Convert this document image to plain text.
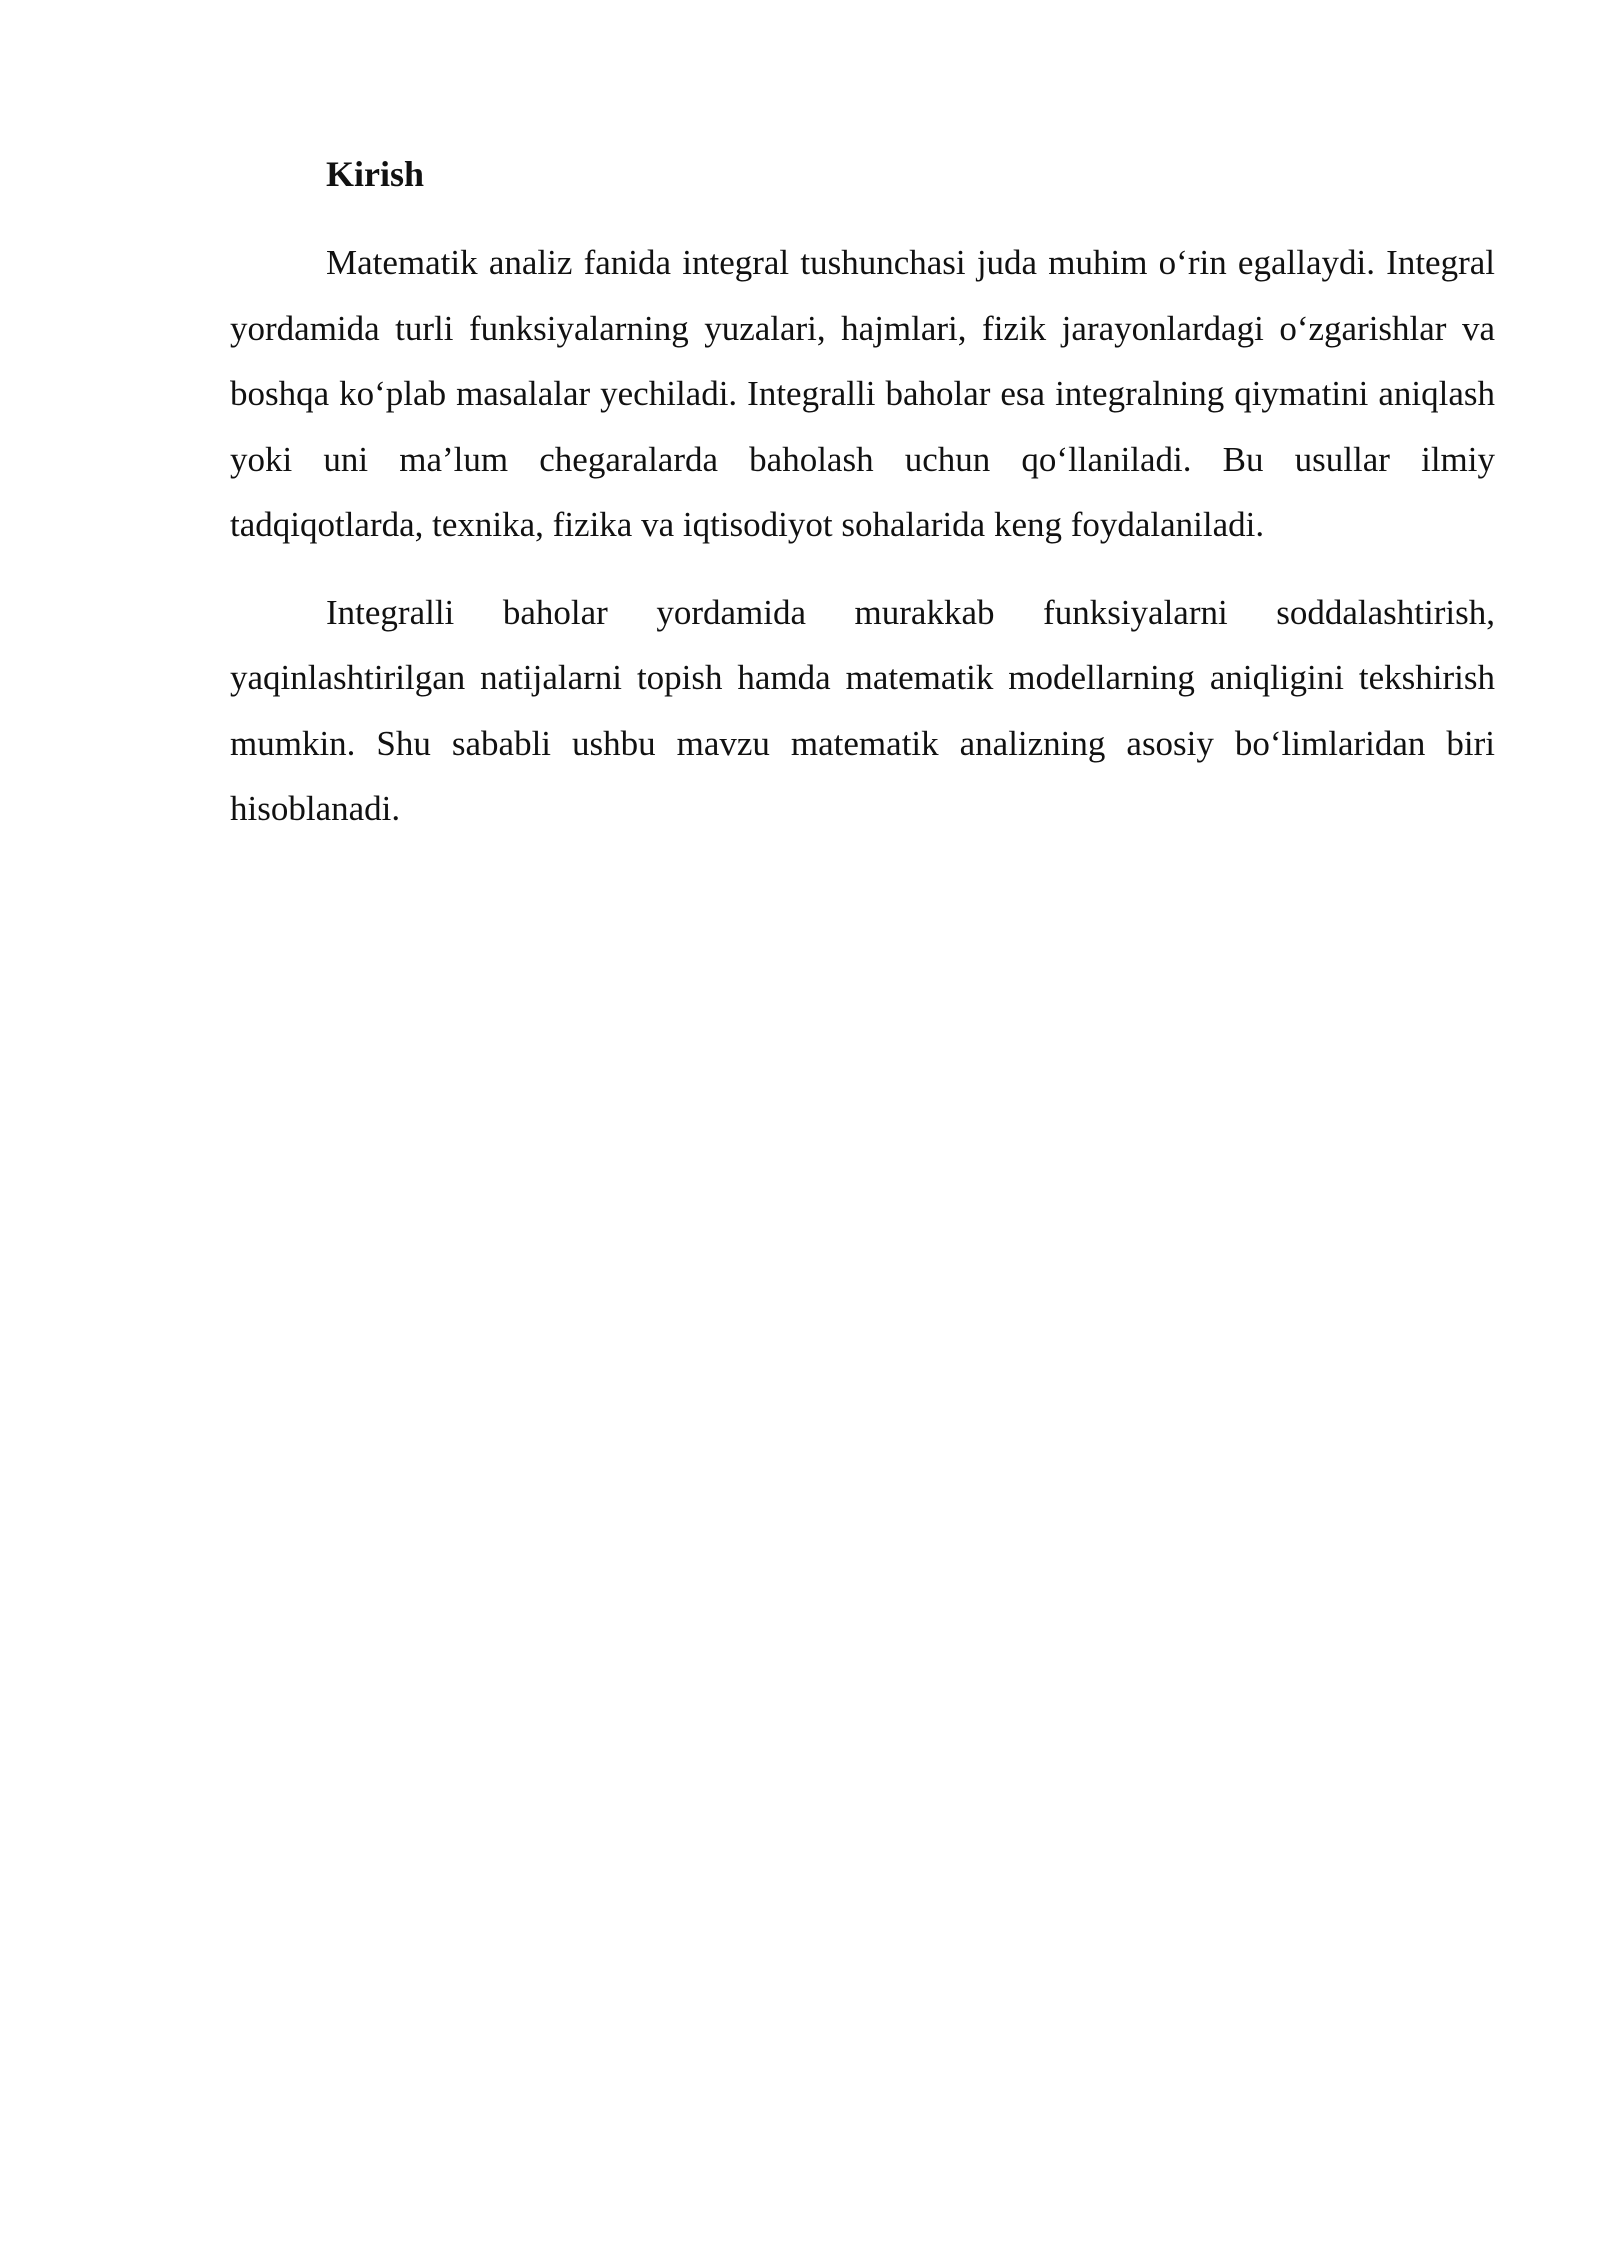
Kirish

Matematik analiz fanida integral tushunchasi juda muhim o‘rin egallaydi. Integral yordamida turli funksiyalarning yuzalari, hajmlari, fizik jarayonlardagi o‘zgarishlar va boshqa ko‘plab masalalar yechiladi. Integralli baholar esa integralning qiymatini aniqlash yoki uni ma’lum chegaralarda baholash uchun qo‘llaniladi. Bu usullar ilmiy tadqiqotlarda, texnika, fizika va iqtisodiyot sohalarida keng foydalaniladi.

Integralli baholar yordamida murakkab funksiyalarni soddalashtirish, yaqinlashtirilgan natijalarni topish hamda matematik modellarning aniqligini tekshirish mumkin. Shu sababli ushbu mavzu matematik analizning asosiy bo‘limlaridan biri hisoblanadi.
